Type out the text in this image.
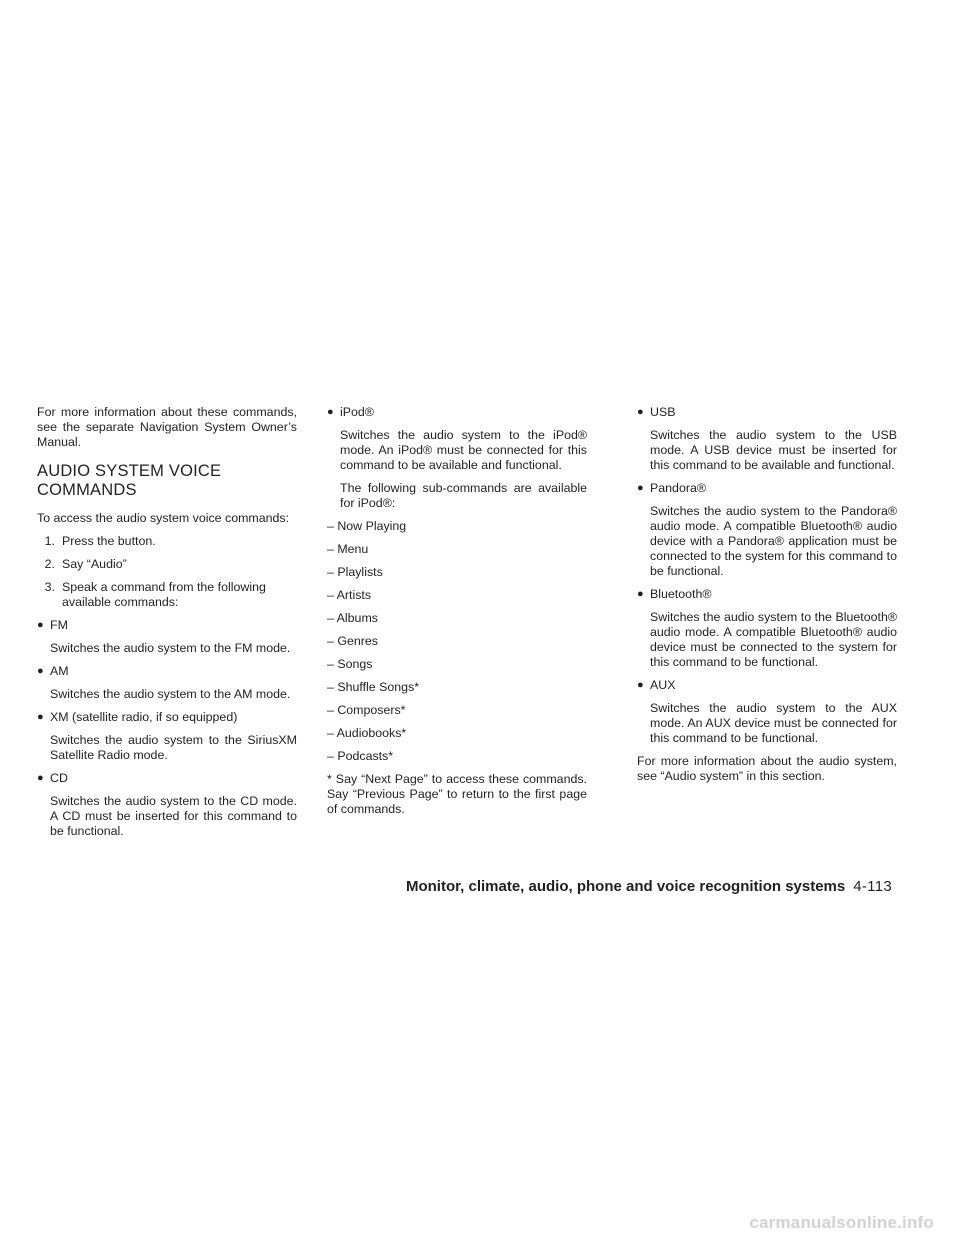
For more information about these commands, see the separate Navigation System Owner’s Manual.

AUDIO SYSTEM VOICE
COMMANDS

To access the audio system voice commands:

1. Press the button.
2. Say “Audio”
3. Speak a command from the following available commands:
● FM

Switches the audio system to the FM mode.

● AM

Switches the audio system to the AM mode.

● XM (satellite radio, if so equipped)

Switches the audio system to the SiriusXM Satellite Radio mode.

● CD

Switches the audio system to the CD mode. A CD must be inserted for this command to be functional.

● iPod®

Switches the audio system to the iPod® mode. An iPod® must be connected for this command to be available and functional.

The following sub-commands are available for iPod®:

– Now Playing

– Menu

– Playlists

– Artists

– Albums

– Genres

– Songs

– Shuffle Songs*

– Composers*

– Audiobooks*

– Podcasts*

* Say “Next Page” to access these commands. Say “Previous Page” to return to the first page of commands.

● USB

Switches the audio system to the USB mode. A USB device must be inserted for this command to be available and functional.

● Pandora®

Switches the audio system to the Pandora® audio mode. A compatible Bluetooth® audio device with a Pandora® application must be connected to the system for this command to be functional.

● Bluetooth®

Switches the audio system to the Bluetooth® audio mode. A compatible Bluetooth® audio device must be connected to the system for this command to be functional.

● AUX

Switches the audio system to the AUX mode. An AUX device must be connected for this command to be functional.

For more information about the audio system, see “Audio system” in this section.

Monitor, climate, audio, phone and voice recognition systems 4-113
carmanualsonline.info
